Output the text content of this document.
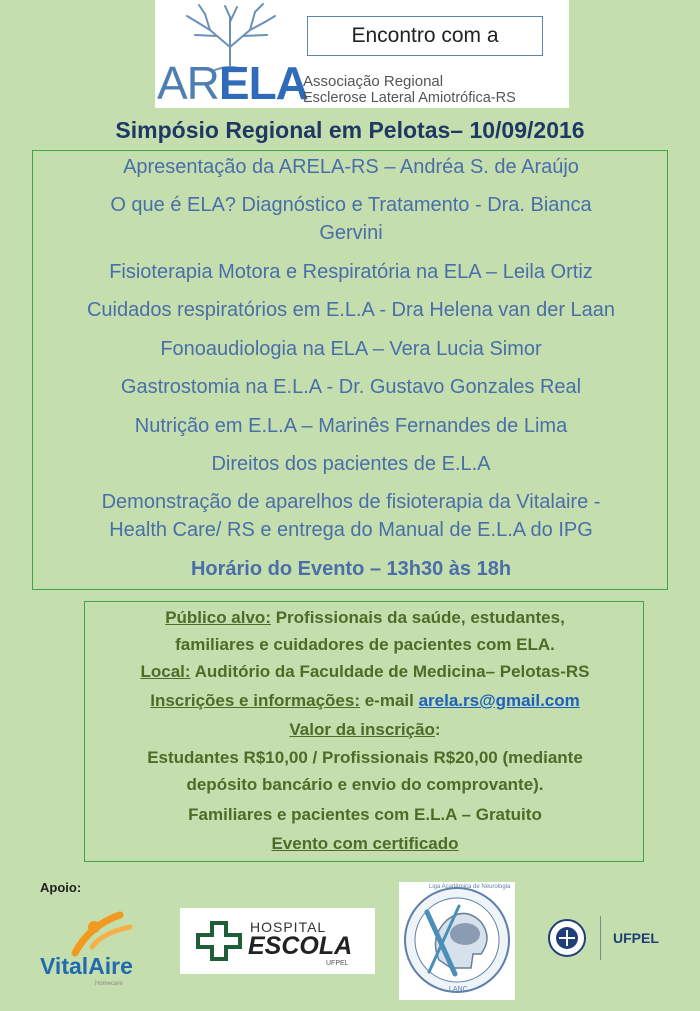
Encontro com a
ARELA
Associação Regional
Esclerose Lateral Amiotrófica-RS
Simpósio Regional em Pelotas– 10/09/2016
Apresentação da ARELA-RS – Andréa S. de Araújo
O que é ELA? Diagnóstico e Tratamento - Dra. Bianca
Gervini
Fisioterapia Motora e Respiratória na ELA – Leila Ortiz
Cuidados respiratórios em E.L.A - Dra Helena van der Laan
Fonoaudiologia na ELA – Vera Lucia Simor
Gastrostomia na E.L.A - Dr. Gustavo Gonzales Real
Nutrição em E.L.A – Marinês Fernandes de Lima
Direitos dos pacientes de E.L.A
Demonstração de aparelhos de fisioterapia da Vitalaire -
Health Care/ RS e entrega do Manual de E.L.A do IPG
Horário do Evento – 13h30 às 18h
Público alvo: Profissionais da saúde, estudantes,
familiares e cuidadores de pacientes com ELA.
Local: Auditório da Faculdade de Medicina– Pelotas-RS
Inscrições e informações: e-mail arela.rs@gmail.com
Valor da inscrição:
Estudantes R$10,00 / Profissionais R$20,00 (mediante
depósito bancário e envio do comprovante).
Familiares e pacientes com E.L.A – Gratuito
Evento com certificado
Apoio:
VitalAire
Homecare
HOSPITAL
ESCOLA
UFPEL
Liga Acadêmica de Neurologia
LANC
UFPEL
